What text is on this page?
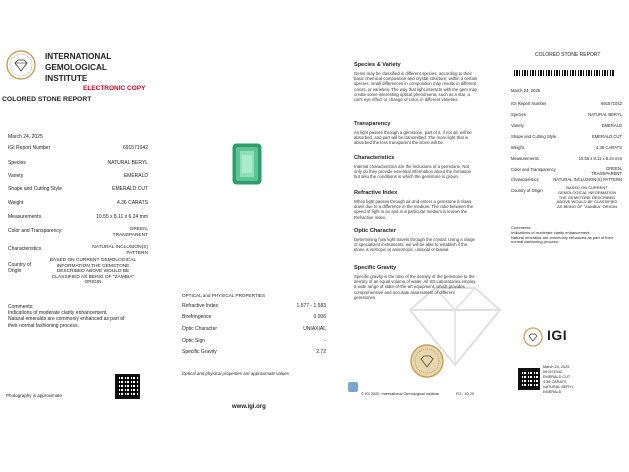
INTERNATIONAL
GEMOLOGICAL
INSTITUTE
ELECTRONIC COPY
COLORED STONE REPORT
March 24, 2025
IGI Report Number	691571042
Species	NATURAL BERYL
Variety	EMERALD
Shape and Cutting Style	EMERALD CUT
Weight	4.36 CARATS
Measurements	10.55 x 8.11 x 6.24 mm
Color and Transparency	GREEN,
TRANSPARENT
Characteristics	NATURAL INCLUSION(S)
PATTERN
Country of
Origin
BASED ON CURRENT GEMOLOGICAL
INFORMATION THE GEMSTONE
DESCRIBED ABOVE WOULD BE
CLASSIFIED AS BEING OF "ZAMBIA"
ORIGIN
Comments:
Indications of moderate clarity enhancement.
Natural emeralds are commonly enhanced as part of
their normal fashioning process.
Photography is approximate
OPTICAL and PHYSICAL PROPERTIES
Refractive Index	1.577 - 1.583
Birefringence	0.006
Optic Character	UNIAXIAL
Optic Sign	-
Specific Gravity	2.72
Optical and physical properties are approximate values
www.igi.org
Species & Variety
Gems may be classified in different species, according to their basic chemical composition and crystal structure; within a certain species, small differences in composition may results in different colors, or varieties. The way that light interacts with the gem may create some interesting optical phenomena, such as a star, a cat's eye effect or change of color, in different varieties.
Transparency
As light passes through a gemstone, part of it, if not all, will be absorbed, and part will be transmitted. The more light that is absorbed the less transparent the stone will be.
Characteristics
Internal characteristics are the inclusions of a gemstone. Not only do they provide essential information about the formation but also the conditions in which the gemstone is grown.
Refractive Index
When light passes through air and enters a gemstone it slows down due to a difference in the medium. The ratio between the speed of light in air and in a particular medium is known the Refractive Index.
Optic Character
Determining how light travels through the crystal. Using a range of specialized instruments, we will be able to establish if the stone is isotropic or anisotropic, uniaxial or biaxial.
Specific Gravity
Specific gravity is the ratio of the density of the gemstone to the density of an equal volume of water. All IGI Laboratories employ a wide range of state-of-the-art equipment, which provides comprehensive and accurate assessment of different gemstones.
© IGI 2020, International Gemological Institute	FD - 10.20
COLORED STONE REPORT
March 24, 2025
IGI Report Number	691571042
Species	NATURAL BERYL
Variety	EMERALD
Shape and Cutting Style	EMERALD CUT
Weight	4.36 CARATS
Measurements	10.55 x 8.11 x 6.24 mm
Color and Transparency	GREEN,
TRANSPARENT
Characteristics	NATURAL INCLUSION(S) PATTERN
Country of Origin
BASED ON CURRENT
GEMOLOGICAL INFORMATION
THE GEMSTONE DESCRIBED
ABOVE WOULD BE CLASSIFIED
AS BEING OF "ZAMBIA" ORIGIN
Comments:
Indications of moderate clarity enhancement.
Natural emeralds are commonly enhanced as part of their
normal fashioning process.
IGI
March 24, 2025
691571042
EMERALD CUT
4.36 CARATS
NATURAL BERYL
EMERALD
